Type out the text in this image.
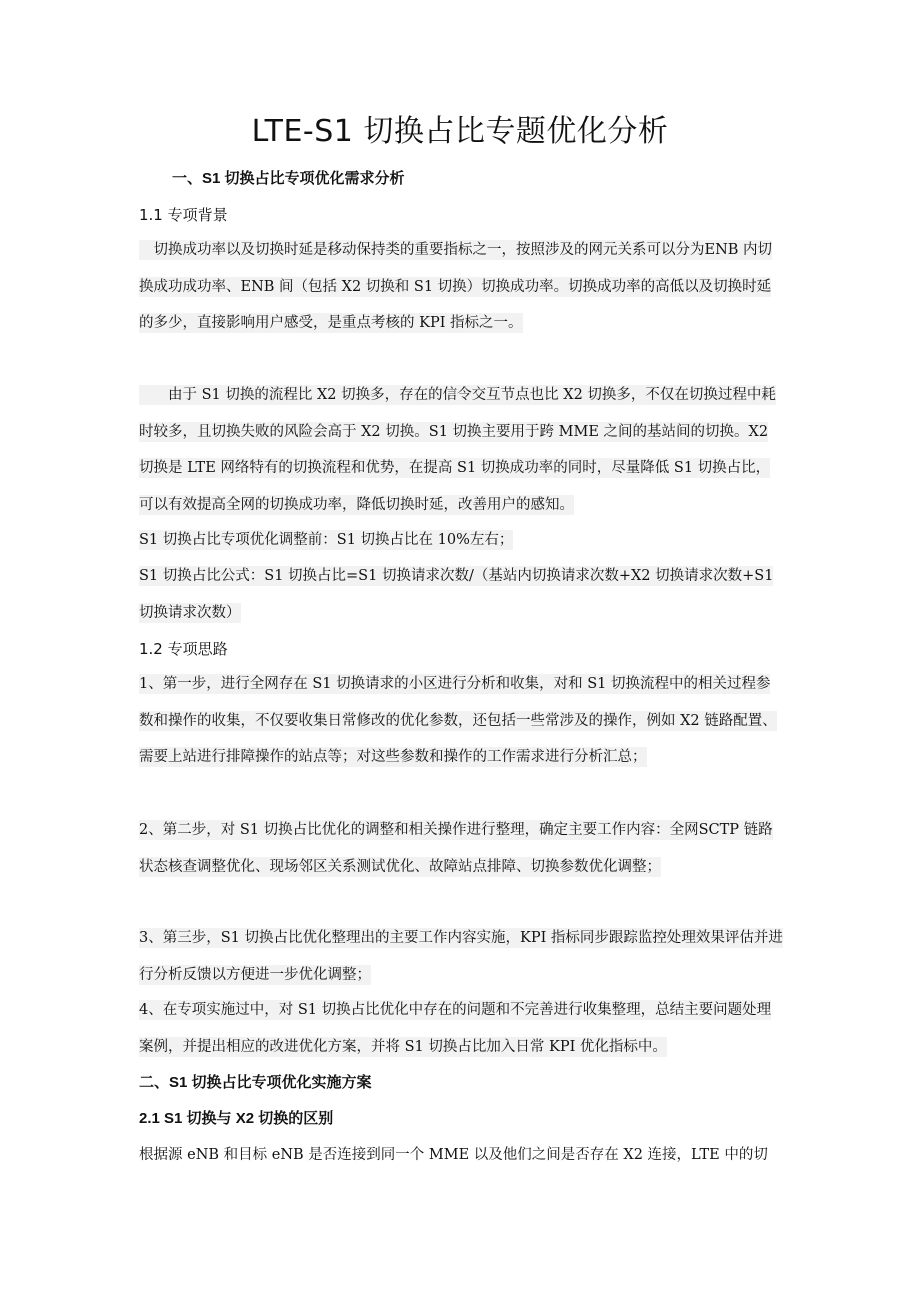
LTE-S1 切换占比专题优化分析
一、S1 切换占比专项优化需求分析
1.1 专项背景

　切换成功率以及切换时延是移动保持类的重要指标之一，按照涉及的网元关系可以分为ENB 内切换成功成功率、ENB 间（包括 X2 切换和 S1 切换）切换成功率。切换成功率的高低以及切换时延的多少，直接影响用户感受，是重点考核的 KPI 指标之一。

　　由于 S1 切换的流程比 X2 切换多，存在的信令交互节点也比 X2 切换多，不仅在切换过程中耗时较多，且切换失败的风险会高于 X2 切换。S1 切换主要用于跨 MME 之间的基站间的切换。X2 切换是 LTE 网络特有的切换流程和优势，在提高 S1 切换成功率的同时，尽量降低 S1 切换占比，可以有效提高全网的切换成功率，降低切换时延，改善用户的感知。

S1 切换占比专项优化调整前：S1 切换占比在 10%左右；

S1 切换占比公式：S1 切换占比=S1 切换请求次数/（基站内切换请求次数+X2 切换请求次数+S1 切换请求次数）

1.2 专项思路

1、第一步，进行全网存在 S1 切换请求的小区进行分析和收集，对和 S1 切换流程中的相关过程参数和操作的收集，不仅要收集日常修改的优化参数，还包括一些常涉及的操作，例如 X2 链路配置、需要上站进行排障操作的站点等；对这些参数和操作的工作需求进行分析汇总；

2、第二步，对 S1 切换占比优化的调整和相关操作进行整理，确定主要工作内容：全网SCTP 链路状态核查调整优化、现场邻区关系测试优化、故障站点排障、切换参数优化调整；

3、第三步，S1 切换占比优化整理出的主要工作内容实施，KPI 指标同步跟踪监控处理效果评估并进行分析反馈以方便进一步优化调整；

4、在专项实施过中，对 S1 切换占比优化中存在的问题和不完善进行收集整理，总结主要问题处理案例，并提出相应的改进优化方案，并将 S1 切换占比加入日常 KPI 优化指标中。

二、S1 切换占比专项优化实施方案
2.1 S1 切换与 X2 切换的区别

根据源 eNB 和目标 eNB 是否连接到同一个 MME 以及他们之间是否存在 X2 连接，LTE 中的切
